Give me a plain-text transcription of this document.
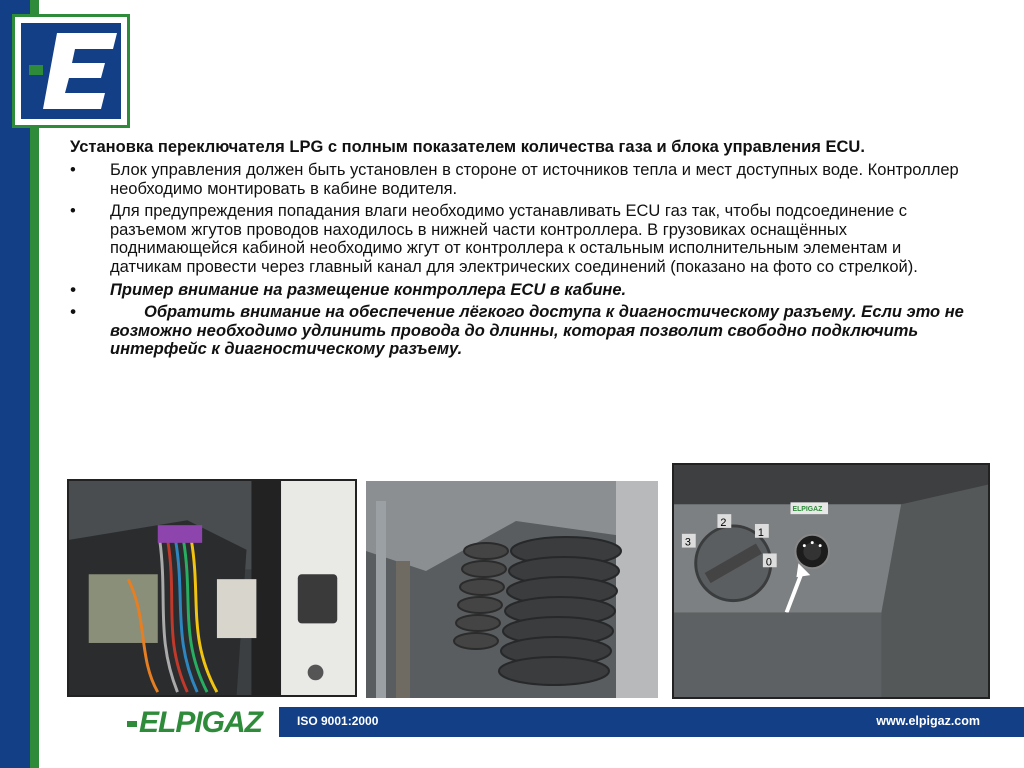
Установка переключателя LPG с полным показателем количества газа и блока управления ECU.
• Блок управления должен быть установлен в стороне от источников тепла и мест доступных воде. Контроллер необходимо монтировать в кабине водителя.
• Для предупреждения попадания влаги необходимо устанавливать ECU газ так, чтобы подсоединение с разъемом жгутов проводов находилось в нижней части контроллера. В грузовиках оснащённых поднимающейся кабиной необходимо жгут от контроллера к остальным исполнительным элементам и датчикам провести через главный канал для электрических соединений (показано на фото со стрелкой).
• Пример внимание на размещение контроллера ECU в кабине.
•	Обратить внимание на обеспечение лёгкого доступа к диагностическому разъему. Если это не возможно необходимо удлинить провода до длинны, которая позволит свободно подключить интерфейс к диагностическому разъему.
3
2
1
0
ELPIGAZ
ISO 9001:2000	www.elpigaz.com
ELPIGAZ
